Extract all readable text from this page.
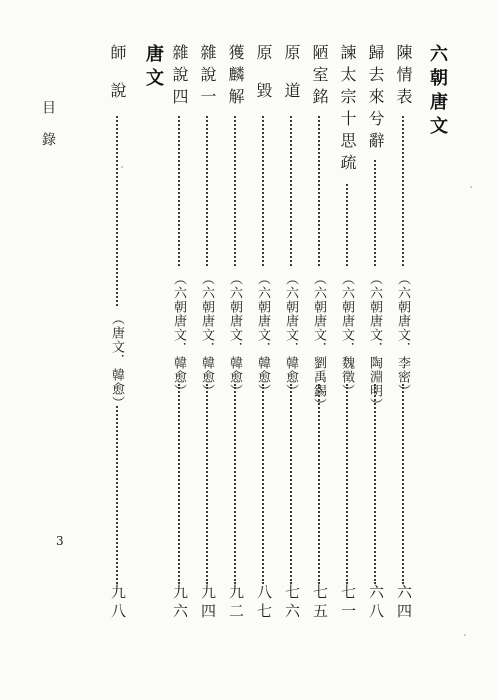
目錄
3
六朝唐文
唐文	陳情表
（六朝唐文．李密）
六四
歸去來兮辭
（六朝唐文．陶淵明）
六八
諫太宗十思疏
（六朝唐文．魏徵）
七一
陋室銘
（六朝唐文．劉禹錫）
七五
原道
（六朝唐文．韓愈）
七六
原毀
（六朝唐文．韓愈）
八七
獲麟解
（六朝唐文．韓愈）
九二
雜說一
（六朝唐文．韓愈）
九四
雜說四
（六朝唐文．韓愈）
九六
師說
（唐文．韓愈）
九八
